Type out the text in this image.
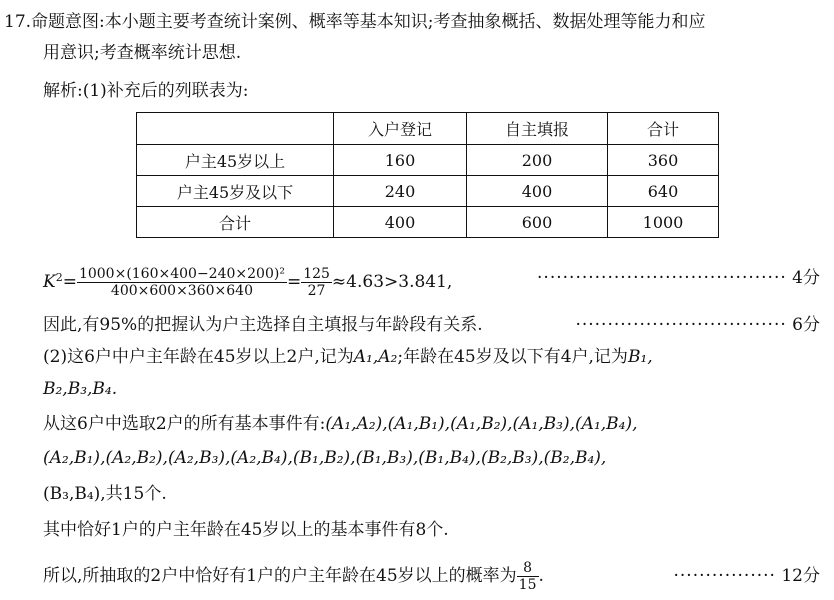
17.命题意图:本小题主要考查统计案例、概率等基本知识;考查抽象概括、数据处理等能力和应
用意识;考查概率统计思想.
解析:(1)补充后的列联表为:
	入户登记	自主填报	合计
户主45岁以上	160	200	360
户主45岁及以下	240	400	640
合计	400	600	1000
$K^2= \frac{\text{1000×(160×400−240×200)²}}{400\times 600\times 360\times 640} = \frac{125}{27} \approx 4.63>3.841$,	······································· 4分
因此,有95%的把握认为户主选择自主填报与年龄段有关系.	································· 6分
(2)这6户中户主年龄在45岁以上2户,记为A₁,A₂;年龄在45岁及以下有4户,记为B₁,
B₂,B₃,B₄.
从这6户中选取2户的所有基本事件有:(A₁,A₂),(A₁,B₁),(A₁,B₂),(A₁,B₃),(A₁,B₄),
(A₂,B₁),(A₂,B₂),(A₂,B₃),(A₂,B₄),(B₁,B₂),(B₁,B₃),(B₁,B₄),(B₂,B₃),(B₂,B₄),
(B₃,B₄),共15个.
其中恰好1户的户主年龄在45岁以上的基本事件有8个.
所以,所抽取的2户中恰好有1户的户主年龄在45岁以上的概率为 $\frac{8}{15}$ .	················ 12分
